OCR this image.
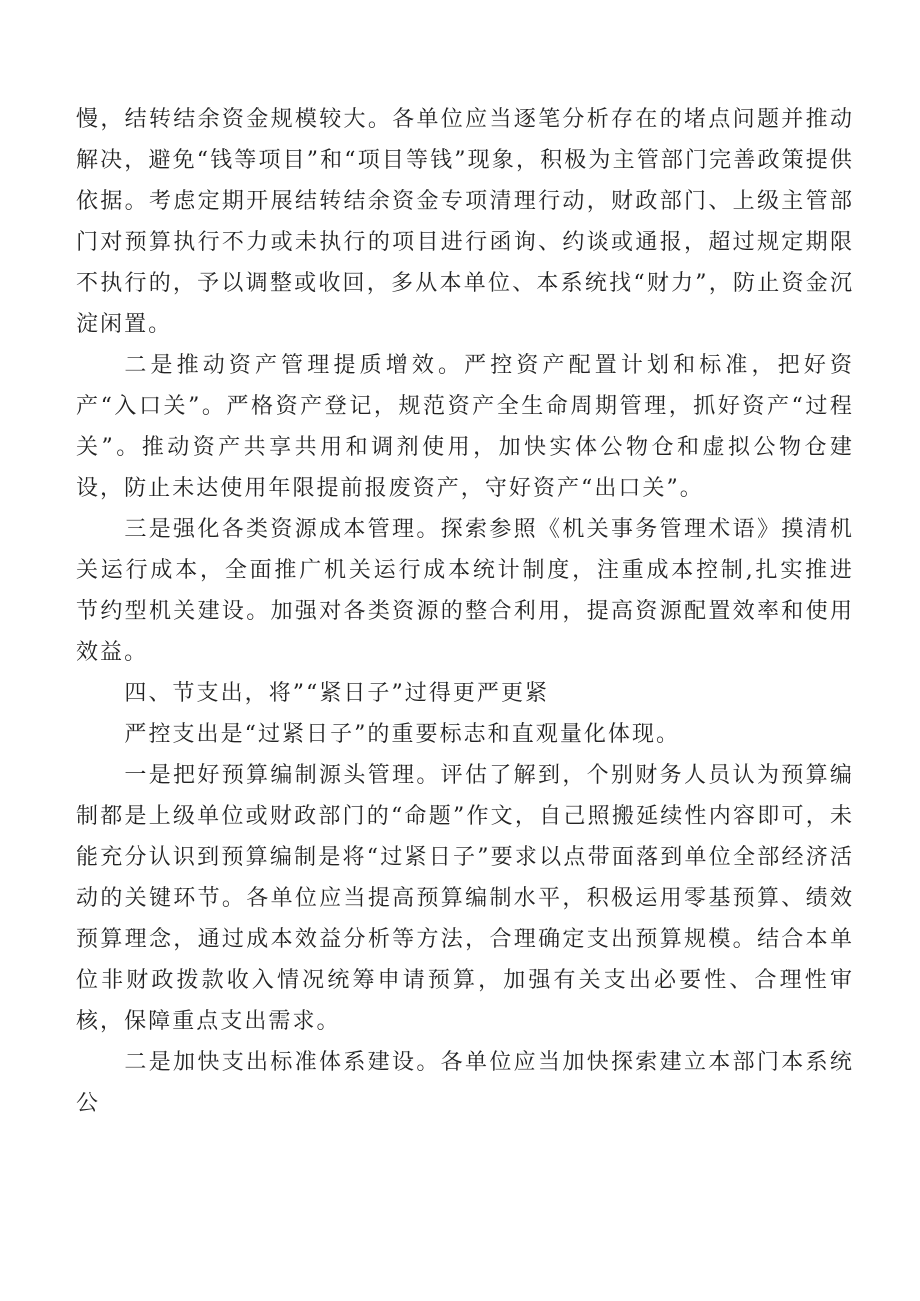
慢，结转结余资金规模较大。各单位应当逐笔分析存在的堵点问题并推动解决，避免“钱等项目”和“项目等钱”现象，积极为主管部门完善政策提供依据。考虑定期开展结转结余资金专项清理行动，财政部门、上级主管部门对预算执行不力或未执行的项目进行函询、约谈或通报，超过规定期限不执行的，予以调整或收回，多从本单位、本系统找“财力”，防止资金沉淀闲置。

二是推动资产管理提质增效。严控资产配置计划和标准，把好资产“入口关”。严格资产登记，规范资产全生命周期管理，抓好资产“过程关”。推动资产共享共用和调剂使用，加快实体公物仓和虚拟公物仓建设，防止未达使用年限提前报废资产，守好资产“出口关”。

三是强化各类资源成本管理。探索参照《机关事务管理术语》摸清机关运行成本，全面推广机关运行成本统计制度，注重成本控制,扎实推进节约型机关建设。加强对各类资源的整合利用，提高资源配置效率和使用效益。

四、节支出，将”“紧日子”过得更严更紧

严控支出是“过紧日子”的重要标志和直观量化体现。

一是把好预算编制源头管理。评估了解到，个别财务人员认为预算编制都是上级单位或财政部门的“命题”作文，自己照搬延续性内容即可，未能充分认识到预算编制是将“过紧日子”要求以点带面落到单位全部经济活动的关键环节。各单位应当提高预算编制水平，积极运用零基预算、绩效预算理念，通过成本效益分析等方法，合理确定支出预算规模。结合本单位非财政拨款收入情况统筹申请预算，加强有关支出必要性、合理性审核，保障重点支出需求。

二是加快支出标准体系建设。各单位应当加快探索建立本部门本系统公
